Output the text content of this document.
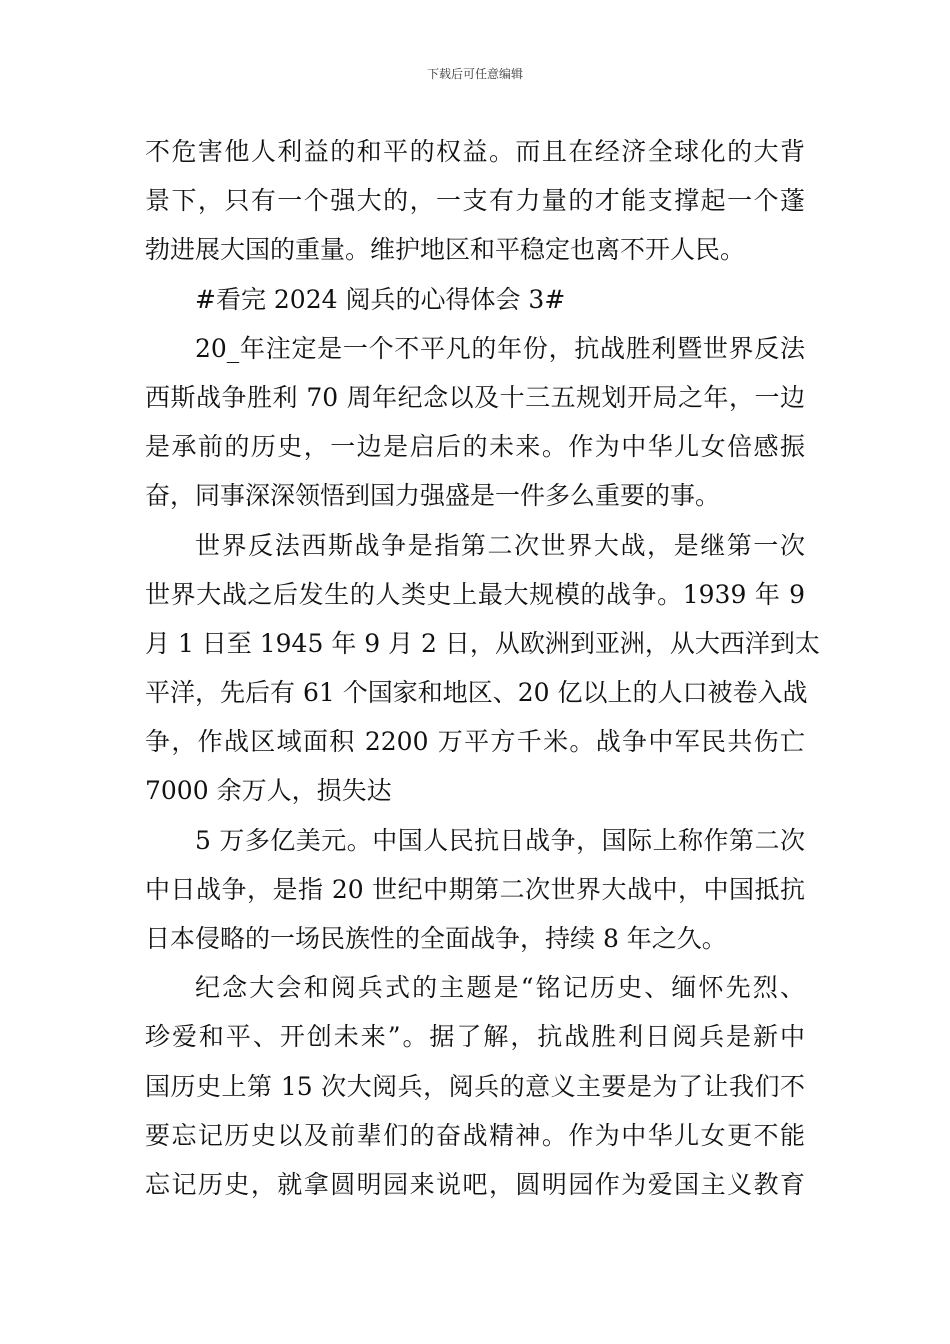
下载后可任意编辑
不危害他人利益的和平的权益。而且在经济全球化的大背
景下，只有一个强大的，一支有力量的才能支撑起一个蓬
勃进展大国的重量。维护地区和平稳定也离不开人民。
#看完 2024 阅兵的心得体会 3#
20_年注定是一个不平凡的年份，抗战胜利暨世界反法
西斯战争胜利 70 周年纪念以及十三五规划开局之年，一边
是承前的历史，一边是启后的未来。作为中华儿女倍感振
奋，同事深深领悟到国力强盛是一件多么重要的事。
世界反法西斯战争是指第二次世界大战，是继第一次
世界大战之后发生的人类史上最大规模的战争。1939 年 9
月 1 日至 1945 年 9 月 2 日，从欧洲到亚洲，从大西洋到太
平洋，先后有 61 个国家和地区、20 亿以上的人口被卷入战
争，作战区域面积 2200 万平方千米。战争中军民共伤亡
7000 余万人，损失达
5 万多亿美元。中国人民抗日战争，国际上称作第二次
中日战争，是指 20 世纪中期第二次世界大战中，中国抵抗
日本侵略的一场民族性的全面战争，持续 8 年之久。
纪念大会和阅兵式的主题是“铭记历史、缅怀先烈、
珍爱和平、开创未来”。据了解，抗战胜利日阅兵是新中
国历史上第 15 次大阅兵，阅兵的意义主要是为了让我们不
要忘记历史以及前辈们的奋战精神。作为中华儿女更不能
忘记历史，就拿圆明园来说吧，圆明园作为爱国主义教育
